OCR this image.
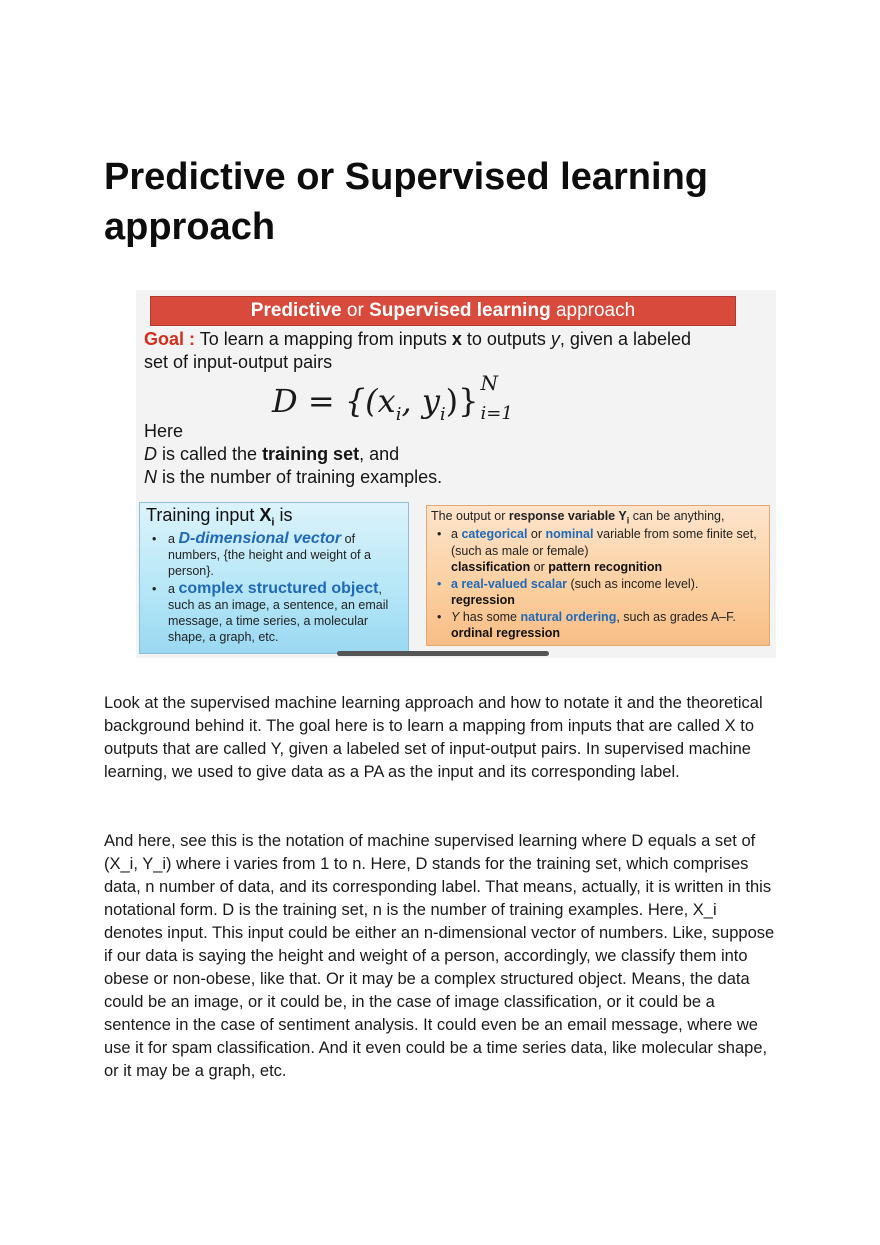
Predictive or Supervised learning approach
Predictive or Supervised learning approach
Goal : To learn a mapping from inputs x to outputs y, given a labeled
set of input-output pairs
$D = \{(x_i$, $y_i$)} N
i=1
Here
D is called the training set, and
N is the number of training examples.
Training input $X_i$ is
• a D-dimensional vector of numbers, {the height and weight of a person}.
• a complex structured object, such as an image, a sentence, an email message, a time series, a molecular shape, a graph, etc.
The output or response variable $Y_i$ can be anything,
• a categorical or nominal variable from some finite set, (such as male or female)
classification or pattern recognition
• a real-valued scalar (such as income level).
regression
• Y has some natural ordering, such as grades A–F.
ordinal regression

Look at the supervised machine learning approach and how to notate it and the theoretical background behind it. The goal here is to learn a mapping from inputs that are called X to outputs that are called Y, given a labeled set of input-output pairs. In supervised machine learning, we used to give data as a PA as the input and its corresponding label.

And here, see this is the notation of machine supervised learning where D equals a set of (X_i, Y_i) where i varies from 1 to n. Here, D stands for the training set, which comprises data, n number of data, and its corresponding label. That means, actually, it is written in this notational form. D is the training set, n is the number of training examples. Here, X_i denotes input. This input could be either an n-dimensional vector of numbers. Like, suppose if our data is saying the height and weight of a person, accordingly, we classify them into obese or non-obese, like that. Or it may be a complex structured object. Means, the data could be an image, or it could be, in the case of image classification, or it could be a sentence in the case of sentiment analysis. It could even be an email message, where we use it for spam classification. And it even could be a time series data, like molecular shape, or it may be a graph, etc.
